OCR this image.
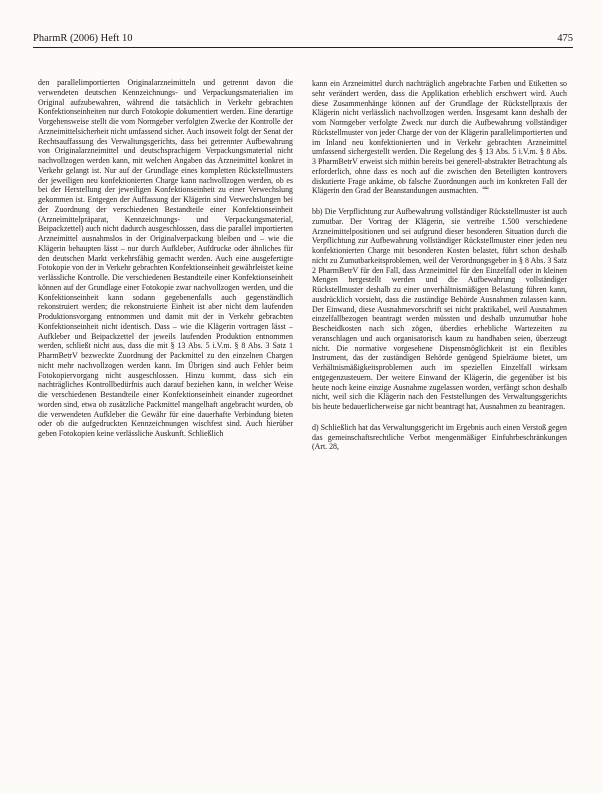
PharmR (2006) Heft 10	475

den parallelimportierten Originalarzneimitteln und getrennt davon die verwendeten deutschen Kennzeichnungs- und Verpackungsmaterialien im Original aufzubewahren, während die tatsächlich in Verkehr gebrachten Konfektionseinheiten nur durch Fotokopie dokumentiert werden. Eine derartige Vorgehensweise stellt die vom Normgeber verfolgten Zwecke der Kontrolle der Arzneimittelsicherheit nicht umfassend sicher. Auch insoweit folgt der Senat der Rechtsauffassung des Verwaltungsgerichts, dass bei getrennter Aufbewahrung von Originalarzneimittel und deutschsprachigem Verpackungsmaterial nicht nachvollzogen werden kann, mit welchen Angaben das Arzneimittel konkret in Verkehr gelangt ist. Nur auf der Grundlage eines kompletten Rückstellmusters der jeweiligen neu konfektionierten Charge kann nachvollzogen werden, ob es bei der Herstellung der jeweiligen Konfektionseinheit zu einer Verwechslung gekommen ist. Entgegen der Auffassung der Klägerin sind Verwechslungen bei der Zuordnung der verschiedenen Bestandteile einer Konfektionseinheit (Arzneimittelpräparat, Kennzeichnungs- und Verpackungsmaterial, Beipackzettel) auch nicht dadurch ausgeschlossen, dass die parallel importierten Arzneimittel ausnahmslos in der Originalverpackung bleiben und – wie die Klägerin behaupten lässt – nur durch Aufkleber, Aufdrucke oder ähnliches für den deutschen Markt verkehrsfähig gemacht werden. Auch eine ausgefertigte Fotokopie von der in Verkehr gebrachten Konfektionseinheit gewährleistet keine verlässliche Kontrolle. Die verschiedenen Bestandteile einer Konfektionseinheit können auf der Grundlage einer Fotokopie zwar nachvollzogen werden, und die Konfektionseinheit kann sodann gegebenenfalls auch gegenständlich rekonstruiert werden; die rekonstruierte Einheit ist aber nicht dem laufenden Produktionsvorgang entnommen und damit mit der in Verkehr gebrachten Konfektionseinheit nicht identisch. Dass – wie die Klägerin vortragen lässt – Aufkleber und Beipackzettel der jeweils laufenden Produktion entnommen werden, schließt nicht aus, dass die mit § 13 Abs. 5 i.V.m. § 8 Abs. 3 Satz 1 PharmBetrV bezweckte Zuordnung der Packmittel zu den einzelnen Chargen nicht mehr nachvollzogen werden kann. Im Übrigen sind auch Fehler beim Fotokopiervorgang nicht ausgeschlossen. Hinzu kommt, dass sich ein nachträgliches Kontrollbedürfnis auch darauf beziehen kann, in welcher Weise die verschiedenen Bestandteile einer Konfektionseinheit einander zugeordnet worden sind, etwa ob zusätzliche Packmittel mangelhaft angebracht wurden, ob die verwendeten Aufkleber die Gewähr für eine dauerhafte Verbindung bieten oder ob die aufgedruckten Kennzeichnungen wischfest sind. Auch hierüber geben Fotokopien keine verlässliche Auskunft. Schließlich

kann ein Arzneimittel durch nachträglich angebrachte Farben und Etiketten so sehr verändert werden, dass die Applikation erheblich erschwert wird. Auch diese Zusammenhänge können auf der Grundlage der Rückstellpraxis der Klägerin nicht verlässlich nachvollzogen werden. Insgesamt kann deshalb der vom Normgeber verfolgte Zweck nur durch die Aufbewahrung vollständiger Rückstellmuster von jeder Charge der von der Klägerin parallelimportierten und im Inland neu konfektionierten und in Verkehr gebrachten Arzneimittel umfassend sichergestellt werden. Die Regelung des § 13 Abs. 5 i.V.m. § 8 Abs. 3 PharmBetrV erweist sich mithin bereits bei generell-abstrakter Betrachtung als erforderlich, ohne dass es noch auf die zwischen den Beteiligten kontrovers diskutierte Frage ankäme, ob falsche Zuordnungen auch im konkreten Fall der Klägerin den Grad der Beanstandungen ausmachten. ““

bb) Die Verpflichtung zur Aufbewahrung vollständiger Rückstellmuster ist auch zumutbar. Der Vortrag der Klägerin, sie vertreibe 1.500 verschiedene Arzneimittelpositionen und sei aufgrund dieser besonderen Situation durch die Verpflichtung zur Aufbewahrung vollständiger Rückstellmuster einer jeden neu konfektionierten Charge mit besonderen Kosten belastet, führt schon deshalb nicht zu Zumutbarkeitsproblemen, weil der Verordnungsgeber in § 8 Abs. 3 Satz 2 PharmBetrV für den Fall, dass Arzneimittel für den Einzelfall oder in kleinen Mengen hergestellt werden und die Aufbewahrung vollständiger Rückstellmuster deshalb zu einer unverhältnismäßigen Belastung führen kann, ausdrücklich vorsieht, dass die zuständige Behörde Ausnahmen zulassen kann. Der Einwand, diese Ausnahmevorschrift sei nicht praktikabel, weil Ausnahmen einzelfallbezogen beantragt werden müssten und deshalb unzumutbar hohe Bescheidkosten nach sich zögen, überdies erhebliche Wartezeiten zu veranschlagen und auch organisatorisch kaum zu handhaben seien, überzeugt nicht. Die normative vorgesehene Dispensmöglichkeit ist ein flexibles Instrument, das der zuständigen Behörde genügend Spielräume bietet, um Verhältnismäßigkeitsproblemen auch im speziellen Einzelfall wirksam entgegenzusteuern. Der weitere Einwand der Klägerin, die gegenüber ist bis heute noch keine einzige Ausnahme zugelassen worden, verfängt schon deshalb nicht, weil sich die Klägerin nach den Feststellungen des Verwaltungsgerichts bis heute bedauerlicherweise gar nicht beantragt hat, Ausnahmen zu beantragen.

d) Schließlich hat das Verwaltungsgericht im Ergebnis auch einen Verstoß gegen das gemeinschaftsrechtliche Verbot mengenmäßiger Einfuhrbeschränkungen (Art. 28,
